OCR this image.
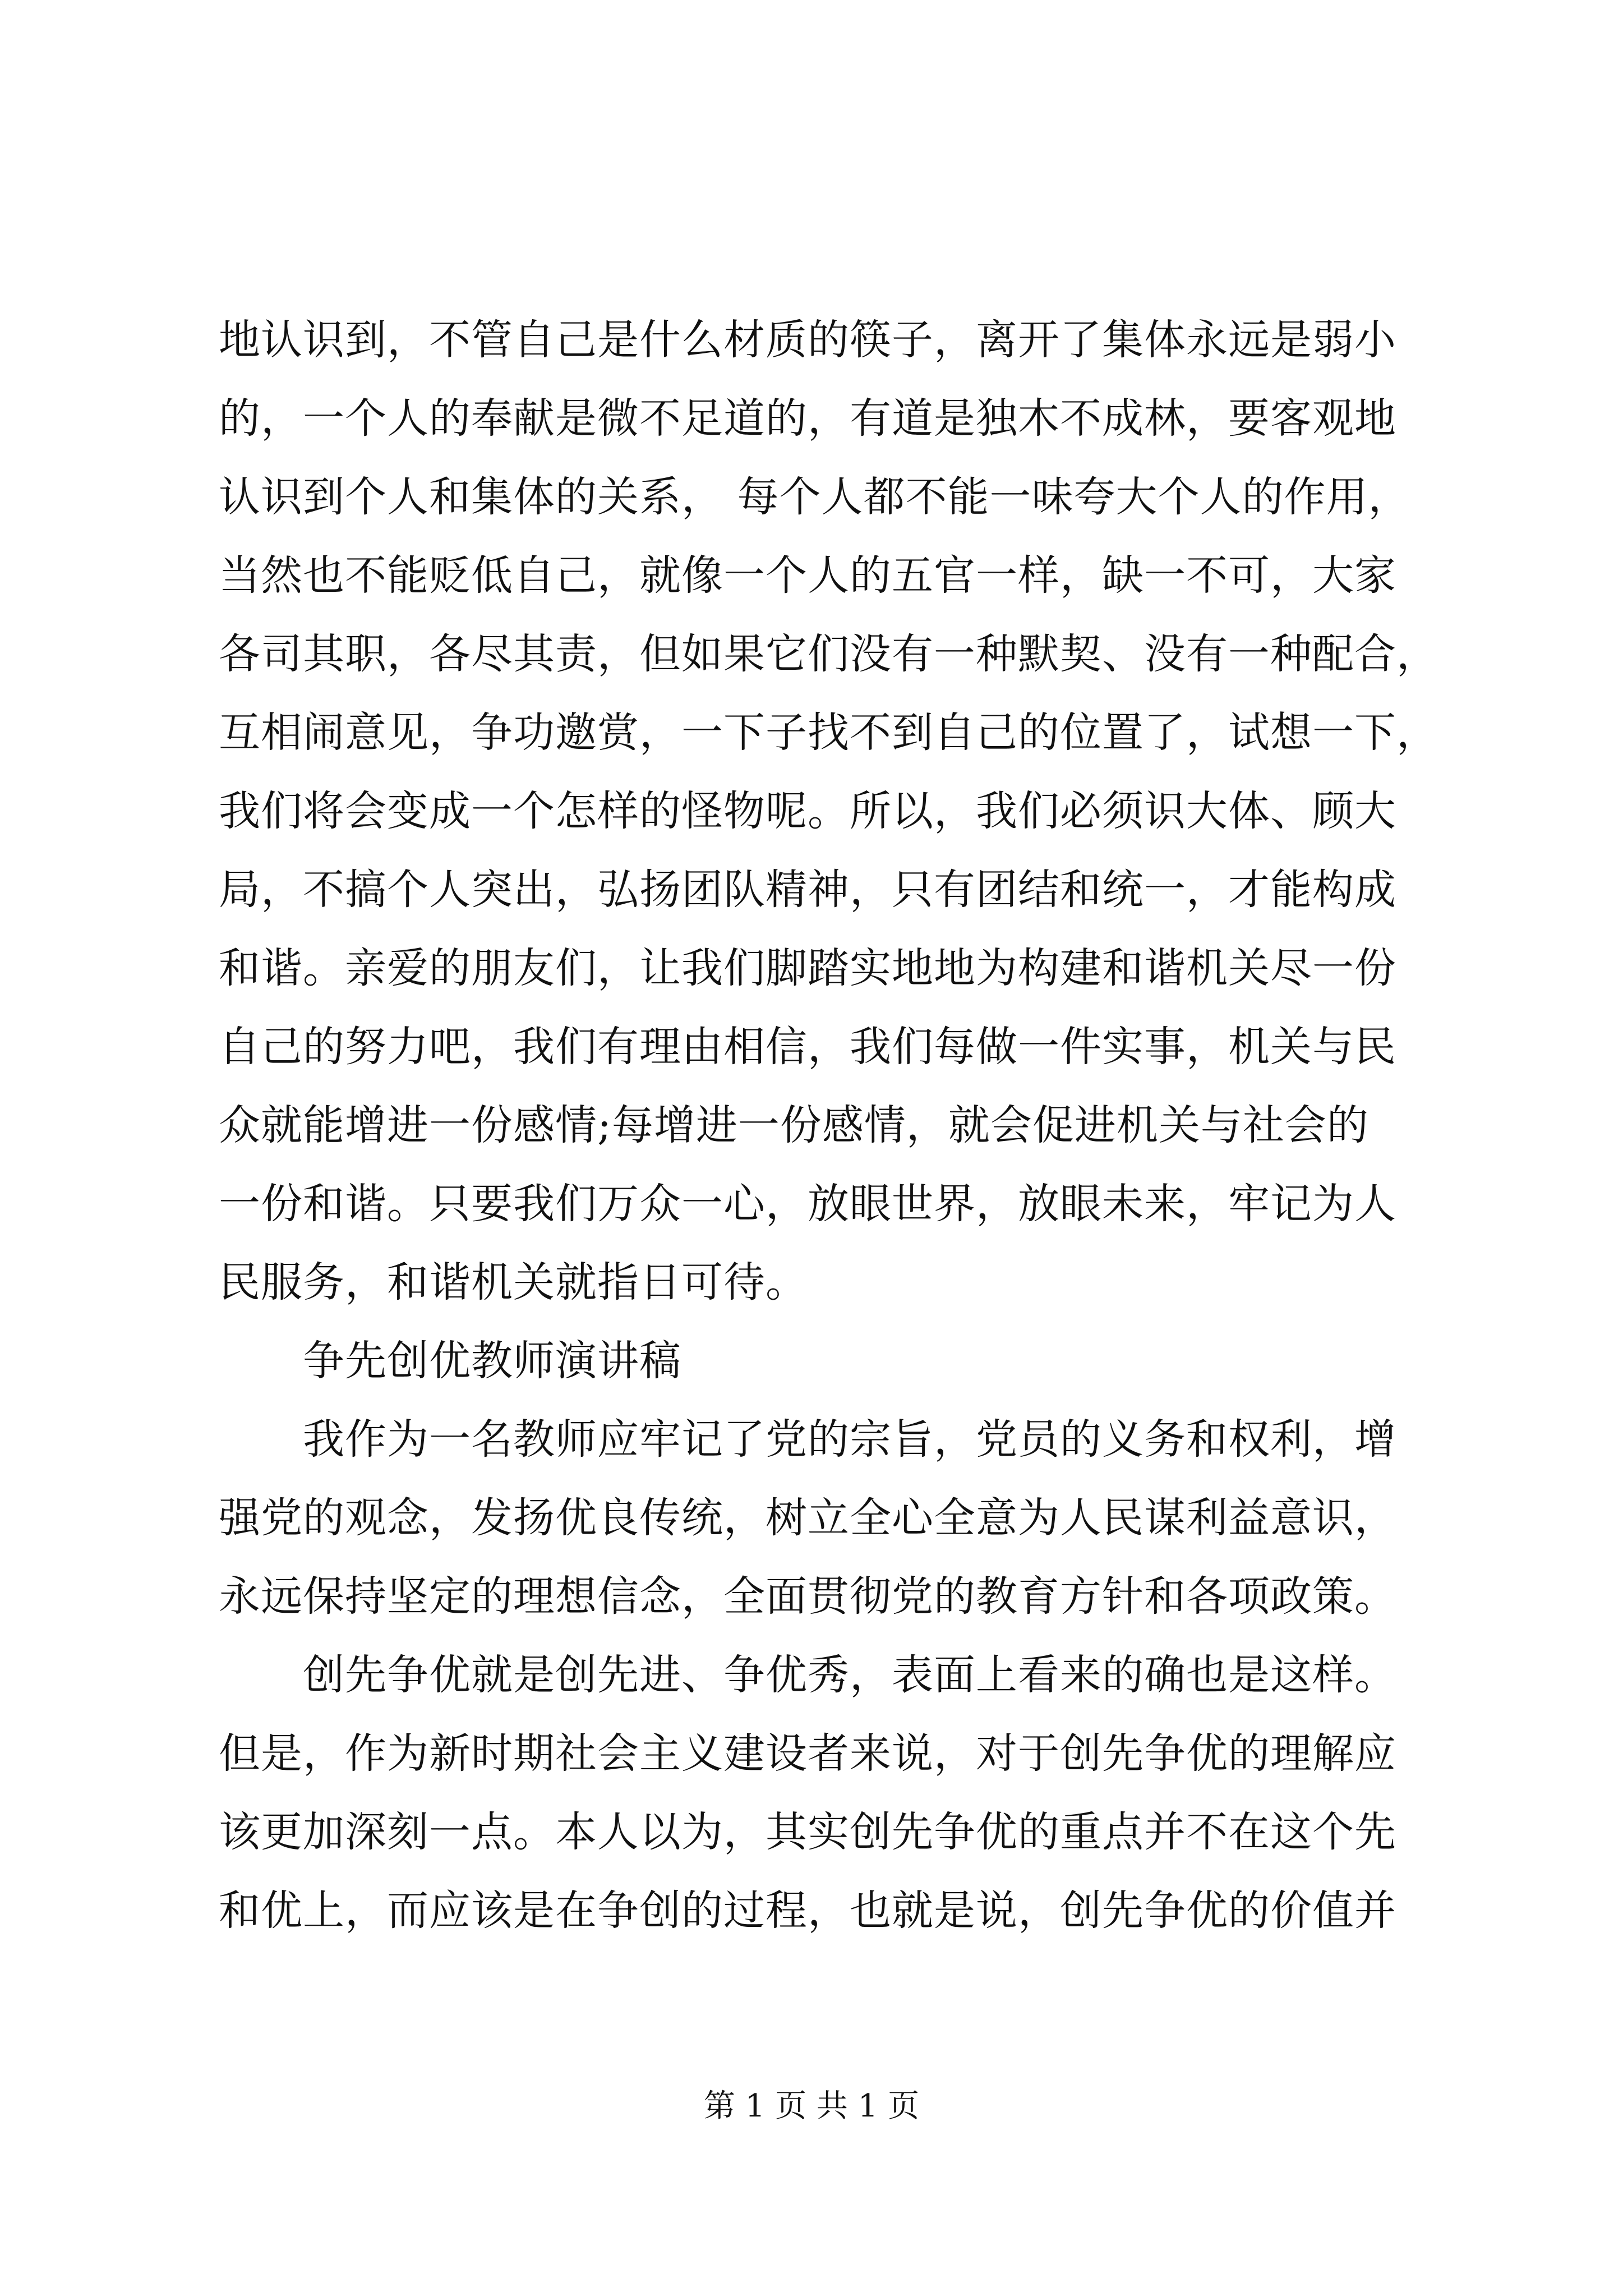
地认识到，不管自己是什么材质的筷子，离开了集体永远是弱小
的，一个人的奉献是微不足道的，有道是独木不成林，要客观地
认识到个人和集体的关系， 每个人都不能一味夸大个人的作用，
当然也不能贬低自己，就像一个人的五官一样，缺一不可，大家
各司其职，各尽其责，但如果它们没有一种默契、没有一种配合，
互相闹意见，争功邀赏，一下子找不到自己的位置了，试想一下，
我们将会变成一个怎样的怪物呢。所以，我们必须识大体、顾大
局，不搞个人突出，弘扬团队精神，只有团结和统一，才能构成
和谐。亲爱的朋友们，让我们脚踏实地地为构建和谐机关尽一份
自己的努力吧，我们有理由相信，我们每做一件实事，机关与民
众就能增进一份感情;每增进一份感情，就会促进机关与社会的
一份和谐。只要我们万众一心，放眼世界，放眼未来，牢记为人
民服务，和谐机关就指日可待。
争先创优教师演讲稿
我作为一名教师应牢记了党的宗旨，党员的义务和权利，增
强党的观念，发扬优良传统，树立全心全意为人民谋利益意识，
永远保持坚定的理想信念，全面贯彻党的教育方针和各项政策。
创先争优就是创先进、争优秀，表面上看来的确也是这样。
但是，作为新时期社会主义建设者来说，对于创先争优的理解应
该更加深刻一点。本人以为，其实创先争优的重点并不在这个先
和优上，而应该是在争创的过程，也就是说，创先争优的价值并
第 1 页 共 1 页
